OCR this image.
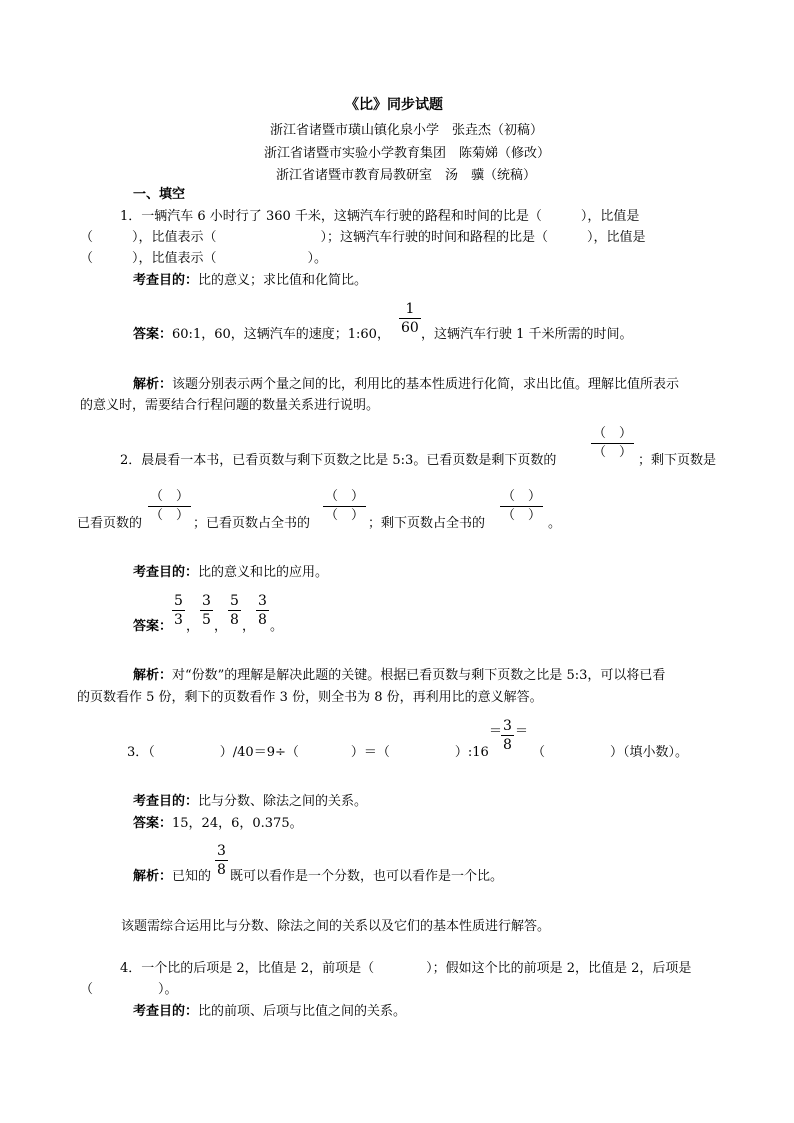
《比》同步试题
浙江省诸暨市璜山镇化泉小学　张垚杰（初稿）
浙江省诸暨市实验小学教育集团　陈菊娣（修改）
浙江省诸暨市教育局教研室　汤　骥（统稿）
一、填空
1．一辆汽车 6 小时行了 360 千米，这辆汽车行驶的路程和时间的比是（　　　），比值是
（　　　），比值表示（　　　　　　　　）；这辆汽车行驶的时间和路程的比是（　　　），比值是
（　　　），比值表示（　　　　　　　）。
考查目的：比的意义；求比值和化简比。
答案：60:1，60，这辆汽车的速度；1:60， $\frac{1}{60}$ ，这辆汽车行驶 1 千米所需的时间。
解析：该题分别表示两个量之间的比，利用比的基本性质进行化简，求出比值。理解比值所表示
的意义时，需要结合行程问题的数量关系进行说明。
2．晨晨看一本书，已看页数与剩下页数之比是 5:3。已看页数是剩下页数的
（　）
（　）
；剩下页数是
已看页数的
（　）
（　）
；已看页数占全书的
（　）
（　）
；剩下页数占全书的
（　）
（　）
。
考查目的：比的意义和比的应用。
答案： $\frac{5}{3}$ ， $\frac{3}{5}$ ， $\frac{5}{8}$ ， $\frac{3}{8}$ 。
解析：对“份数”的理解是解决此题的关键。根据已看页数与剩下页数之比是 5:3，可以将已看
的页数看作 5 份，剩下的页数看作 3 份，则全书为 8 份，再利用比的意义解答。
3．（　　　　　）/40＝9÷（　　　　）＝（　　　　　）:16
＝
$\frac{3}{8}$ ＝
（　　　　　）（填小数）。
考查目的：比与分数、除法之间的关系。
答案：15，24，6，0.375。
解析：已知的 $\frac{3}{8}$ 既可以看作是一个分数，也可以看作是一个比。
该题需综合运用比与分数、除法之间的关系以及它们的基本性质进行解答。
4．一个比的后项是 2，比值是 2，前项是（　　　　）；假如这个比的前项是 2，比值是 2，后项是
（　　　　　）。
考查目的：比的前项、后项与比值之间的关系。
